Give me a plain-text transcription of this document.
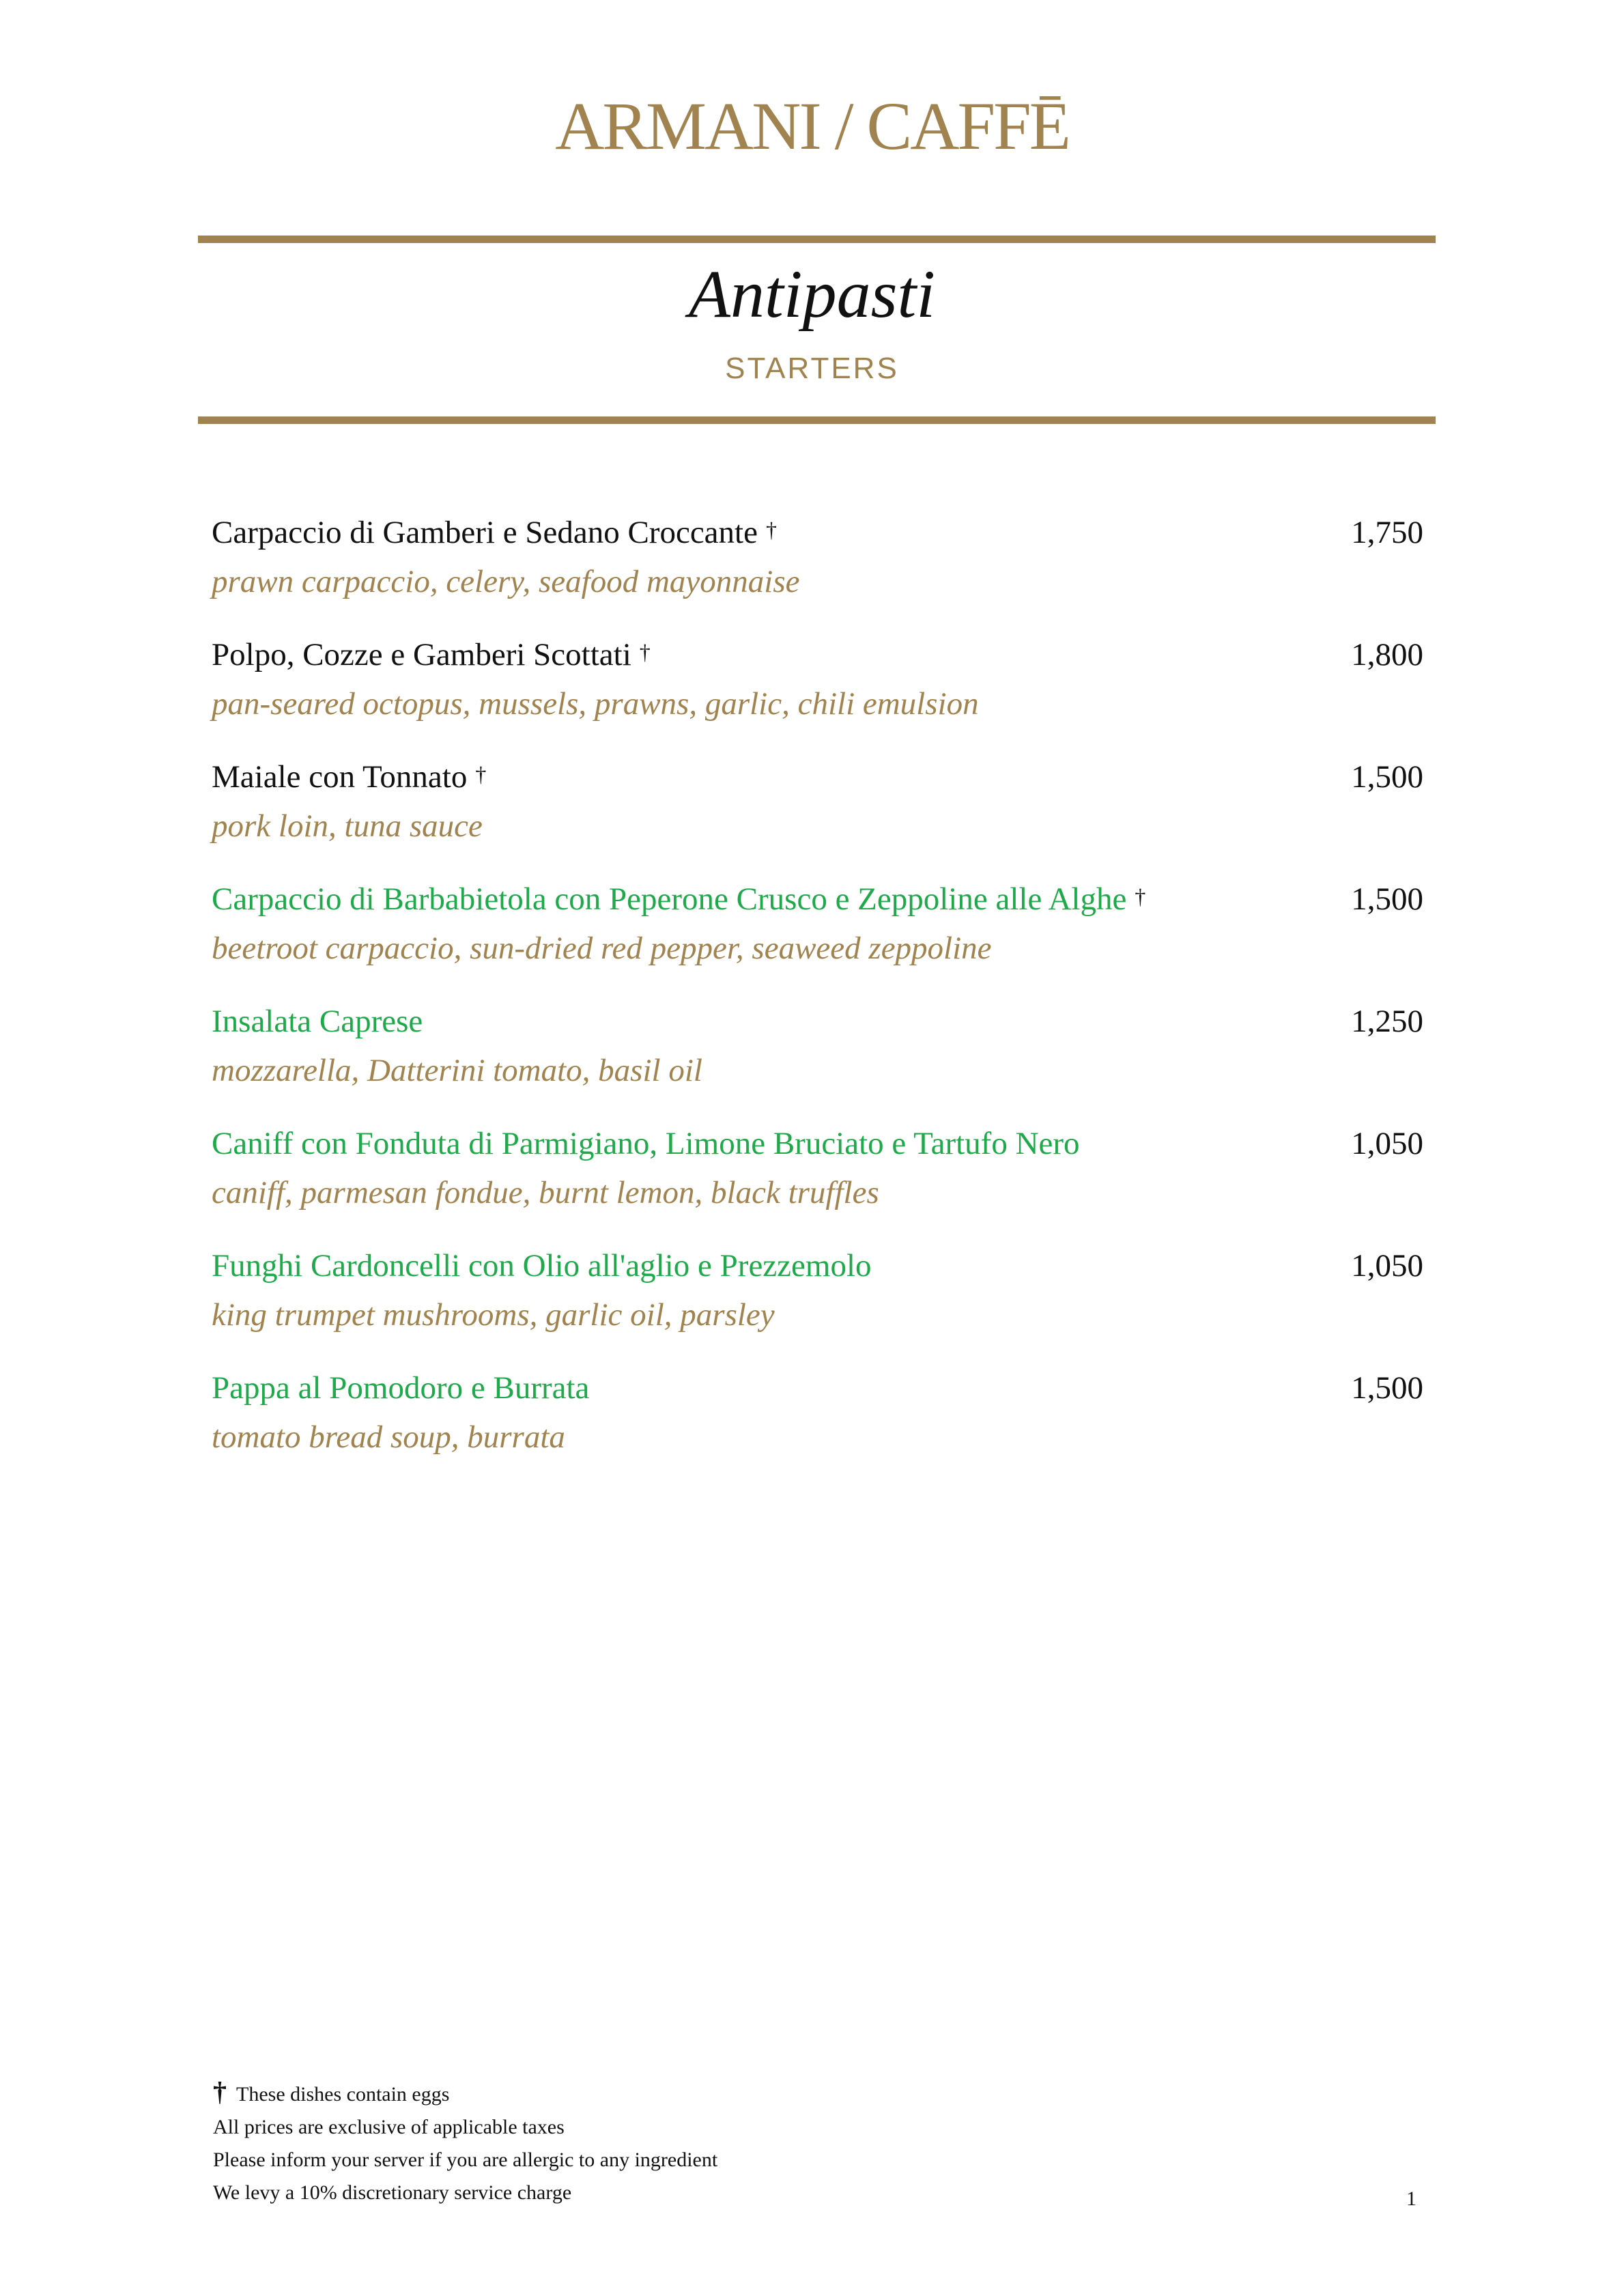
ARMANI / CAFFĒ
Antipasti
STARTERS
Carpaccio di Gamberi e Sedano Croccante †
prawn carpaccio, celery, seafood mayonnaise
1,750
Polpo, Cozze e Gamberi Scottati †
pan-seared octopus, mussels, prawns, garlic, chili emulsion
1,800
Maiale con Tonnato †
pork loin, tuna sauce
1,500
Carpaccio di Barbabietola con Peperone Crusco e Zeppoline alle Alghe †
beetroot carpaccio, sun-dried red pepper, seaweed zeppoline
1,500
Insalata Caprese
mozzarella, Datterini tomato, basil oil
1,250
Caniff con Fonduta di Parmigiano, Limone Bruciato e Tartufo Nero
caniff, parmesan fondue, burnt lemon, black truffles
1,050
Funghi Cardoncelli con Olio all'aglio e Prezzemolo
king trumpet mushrooms, garlic oil, parsley
1,050
Pappa al Pomodoro e Burrata
tomato bread soup, burrata
1,500
† These dishes contain eggs
All prices are exclusive of applicable taxes
Please inform your server if you are allergic to any ingredient
We levy a 10% discretionary service charge	1
